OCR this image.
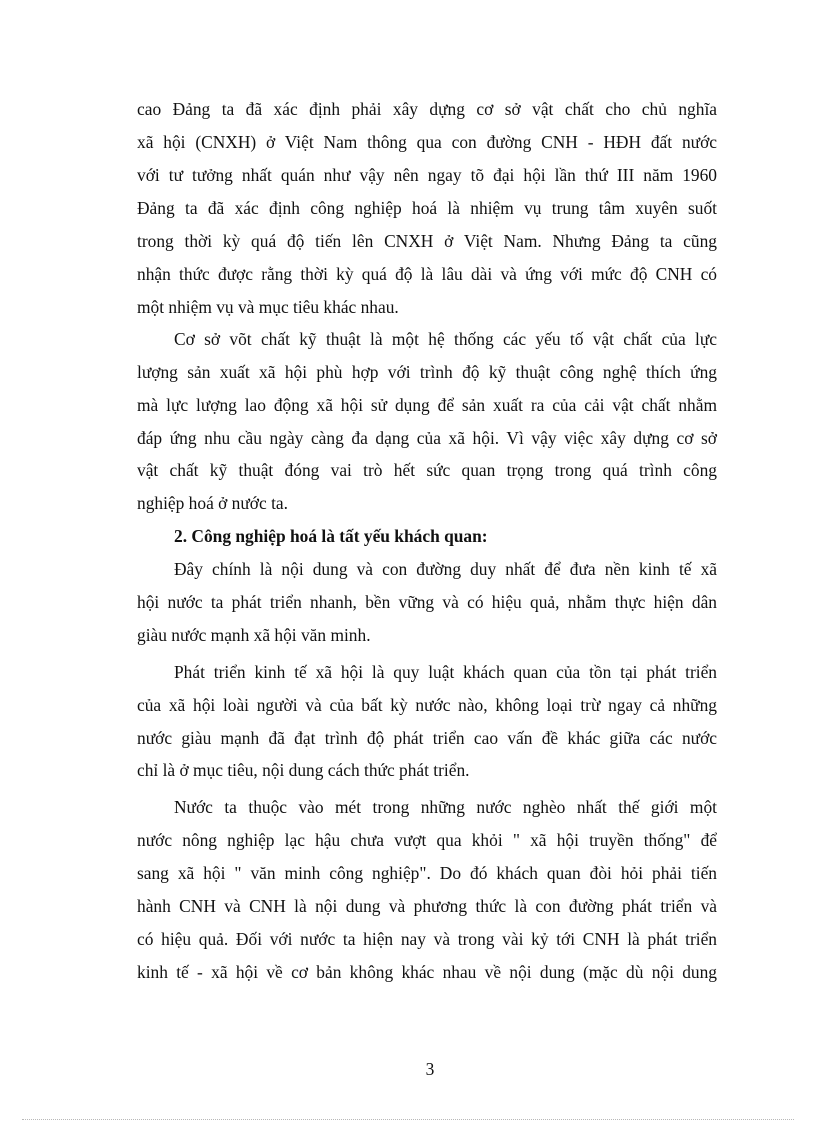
cao Đảng ta đã xác định phải xây dựng cơ sở vật chất cho chủ nghĩa
xã hội (CNXH) ở Việt Nam thông qua con đường CNH - HĐH đất nước
với tư tưởng nhất quán như vậy nên ngay tõ đại hội lần thứ III năm 1960
Đảng ta đã xác định công nghiệp hoá là nhiệm vụ trung tâm xuyên suốt
trong thời kỳ quá độ tiến lên CNXH ở Việt Nam. Nhưng Đảng ta cũng
nhận thức được rằng thời kỳ quá độ là lâu dài và ứng với mức độ CNH có
một nhiệm vụ và mục tiêu khác nhau.
Cơ sở võt chất kỹ thuật là một hệ thống các yếu tố vật chất của lực
lượng sản xuất xã hội phù hợp với trình độ kỹ thuật công nghệ thích ứng
mà lực lượng lao động xã hội sử dụng để sản xuất ra của cải vật chất nhằm
đáp ứng nhu cầu ngày càng đa dạng của xã hội. Vì vậy việc xây dựng cơ sở
vật chất kỹ thuật đóng vai trò hết sức quan trọng trong quá trình công
nghiệp hoá ở nước ta.
2. Công nghiệp hoá là tất yếu khách quan:
Đây chính là nội dung và con đường duy nhất để đưa nền kinh tế xã
hội nước ta phát triển nhanh, bền vững và có hiệu quả, nhằm thực hiện dân
giàu nước mạnh xã hội văn minh.
Phát triển kinh tế xã hội là quy luật khách quan của tồn tại phát triển
của xã hội loài người và của bất kỳ nước nào, không loại trừ ngay cả những
nước giàu mạnh đã đạt trình độ phát triển cao vấn đề khác giữa các nước
chỉ là ở mục tiêu, nội dung cách thức phát triển.
Nước ta thuộc vào mét trong những nước nghèo nhất thế giới một
nước nông nghiệp lạc hậu chưa vượt qua khỏi " xã hội truyền thống" để
sang xã hội " văn minh công nghiệp". Do đó khách quan đòi hỏi phải tiến
hành CNH và CNH là nội dung và phương thức là con đường phát triển và
có hiệu quả. Đối với nước ta hiện nay và trong vài kỷ tới CNH là phát triển
kinh tế - xã hội về cơ bản không khác nhau về nội dung (mặc dù nội dung
3
